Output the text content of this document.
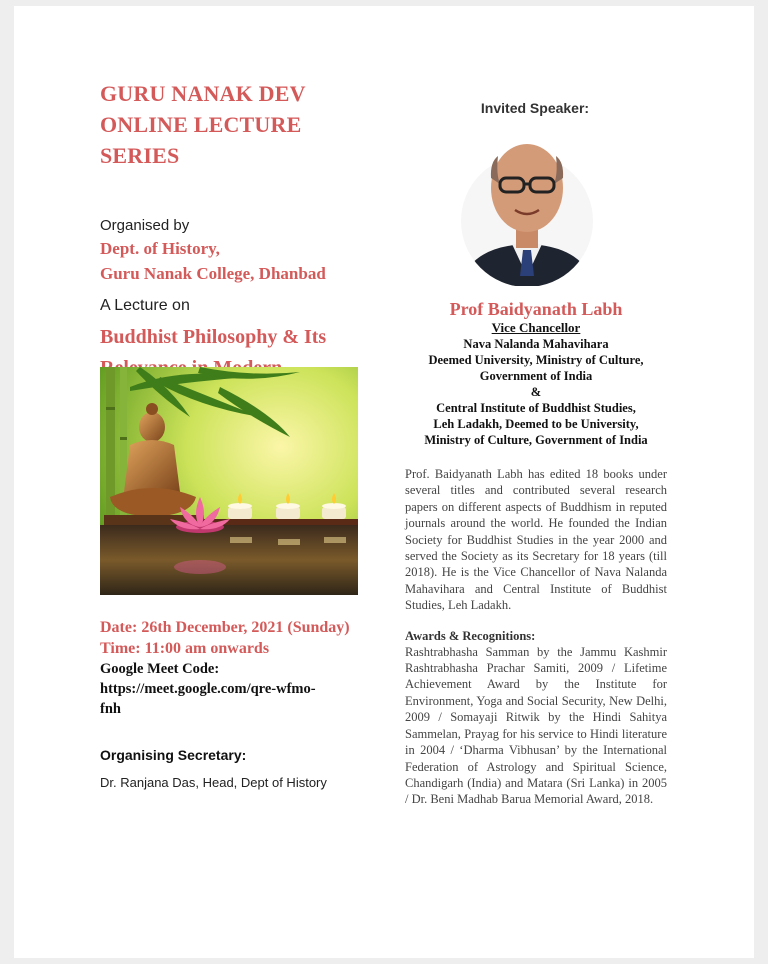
GURU NANAK DEV

ONLINE LECTURE SERIES

Organised by
Dept. of History,
Guru Nanak College, Dhanbad
A Lecture on
Buddhist Philosophy & Its
Date: 26th December, 2021 (Sunday)
Time: 11:00 am onwards
Google Meet Code:
https://meet.google.com/qre-wfmo-
fnh
Organising Secretary:
Dr. Ranjana Das, Head, Dept of History
Invited Speaker:
Prof Baidyanath Labh
Vice Chancellor
Nava Nalanda Mahavihara
Deemed University, Ministry of Culture,
Government of India
&
Central Institute of Buddhist Studies,
Leh Ladakh, Deemed to be University,
Ministry of Culture, Government of India
Prof. Baidyanath Labh has edited 18 books under several titles and contributed several research papers on different aspects of Buddhism in reputed journals around the world. He founded the Indian Society for Buddhist Studies in the year 2000 and served the Society as its Secretary for 18 years (till 2018). He is the Vice Chancellor of Nava Nalanda Mahavihara and Central Institute of Buddhist Studies, Leh Ladakh.
Awards & Recognitions:
Rashtrabhasha Samman by the Jammu Kashmir Rashtrabhasha Prachar Samiti, 2009 / Lifetime Achievement Award by the Institute for Environment, Yoga and Social Security, New Delhi, 2009 / Somayaji Ritwik by the Hindi Sahitya Sammelan, Prayag for his service to Hindi literature in 2004 / ‘Dharma Vibhusan’ by the International Federation of Astrology and Spiritual Science, Chandigarh (India) and Matara (Sri Lanka) in 2005 / Dr. Beni Madhab Barua Memorial Award, 2018.
